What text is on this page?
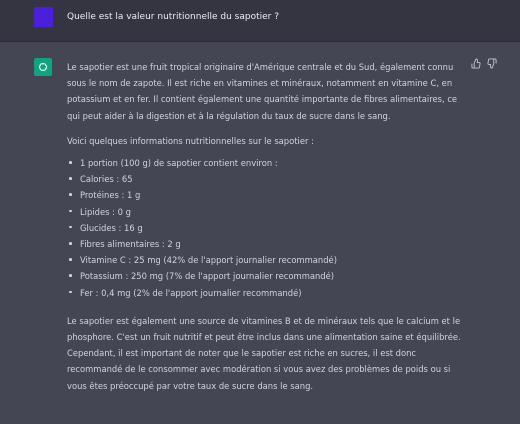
Quelle est la valeur nutritionnelle du sapotier ?
Le sapotier est une fruit tropical originaire d'Amérique centrale et du Sud, également connu sous le nom de zapote. Il est riche en vitamines et minéraux, notamment en vitamine C, en potassium et en fer. Il contient également une quantité importante de fibres alimentaires, ce qui peut aider à la digestion et à la régulation du taux de sucre dans le sang.
Voici quelques informations nutritionnelles sur le sapotier :
1 portion (100 g) de sapotier contient environ :
Calories : 65
Protéines : 1 g
Lipides : 0 g
Glucides : 16 g
Fibres alimentaires : 2 g
Vitamine C : 25 mg (42% de l'apport journalier recommandé)
Potassium : 250 mg (7% de l'apport journalier recommandé)
Fer : 0,4 mg (2% de l'apport journalier recommandé)
Le sapotier est également une source de vitamines B et de minéraux tels que le calcium et le phosphore. C'est un fruit nutritif et peut être inclus dans une alimentation saine et équilibrée. Cependant, il est important de noter que le sapotier est riche en sucres, il est donc recommandé de le consommer avec modération si vous avez des problèmes de poids ou si vous êtes préoccupé par votre taux de sucre dans le sang.
